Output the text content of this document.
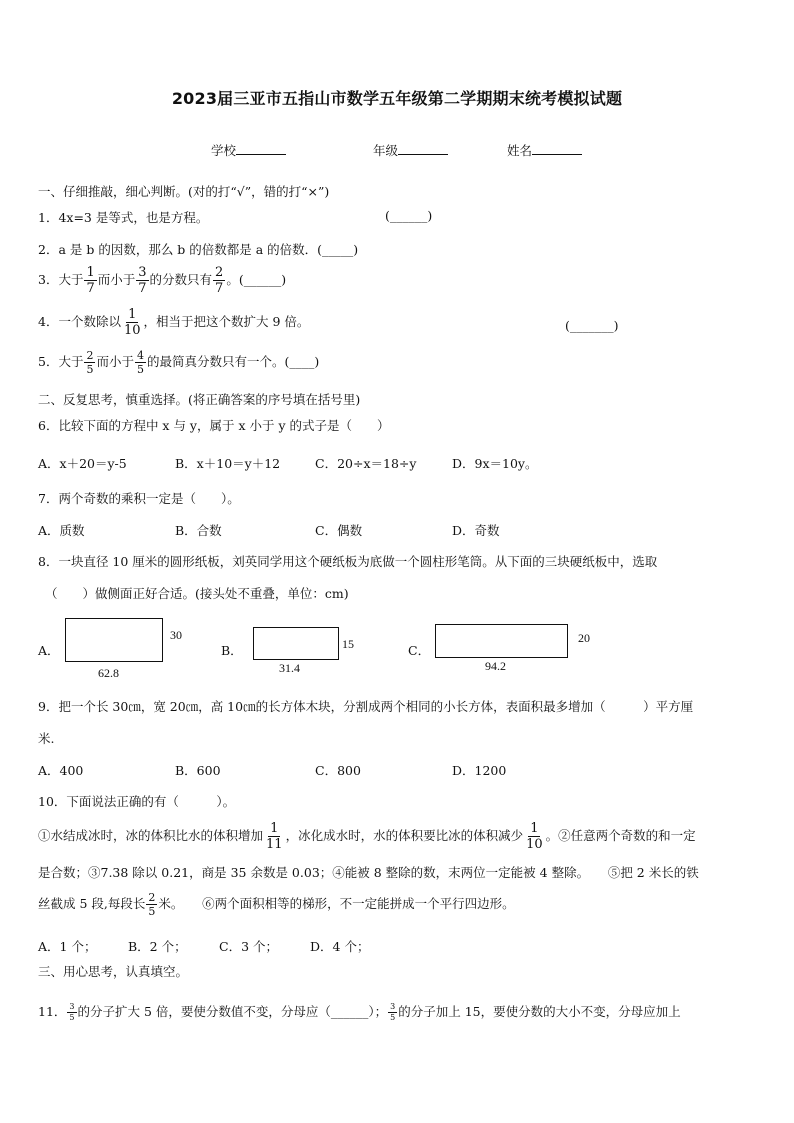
2023届三亚市五指山市数学五年级第二学期期末统考模拟试题
学校	年级	姓名
一、仔细推敲，细心判断。(对的打“√”，错的打“×”)
1．4x=3 是等式，也是方程。	(______)
2．a 是 b 的因数，那么 b 的倍数都是 a 的倍数．(_____)
3．大于 $\frac{1}{7}$ 而小于 $\frac{3}{7}$ 的分数只有 $\frac{2}{7}$ 。(______)
4．一个数除以 $\frac{1}{10}$ ，相当于把这个数扩大 9 倍。	(_______)
5．大于 $\frac{2}{5}$ 而小于 $\frac{4}{5}$ 的最简真分数只有一个。(____)
二、反复思考，慎重选择。(将正确答案的序号填在括号里)
6．比较下面的方程中 x 与 y，属于 x 小于 y 的式子是（　　）
A．x＋20＝y-5	B．x＋10＝y＋12	C．20÷x＝18÷y	D．9x＝10y。
7．两个奇数的乘积一定是（　　）。
A．质数	B．合数	C．偶数	D．奇数
8．一块直径 10 厘米的圆形纸板，刘英同学用这个硬纸板为底做一个圆柱形笔筒。从下面的三块硬纸板中，选取
（　　）做侧面正好合适。(接头处不重叠，单位：cm)
A．
30
62.8
B．	15
31.4
C．
20
94.2
9．把一个长 30㎝，宽 20㎝，高 10㎝的长方体木块，分割成两个相同的小长方体，表面积最多增加（　　　）平方厘
米.
A．400	B．600	C．800	D．1200
10．下面说法正确的有（　　　）。
①水结成冰时，冰的体积比水的体积增加 $\frac{1}{11}$ ，冰化成水时，水的体积要比冰的体积减少 $\frac{1}{10}$ 。②任意两个奇数的和一定
是合数；③7.38 除以 0.21，商是 35 余数是 0.03；④能被 8 整除的数，末两位一定能被 4 整除。　　⑤把 2 米长的铁
丝截成 5 段,每段长 $\frac{2}{5}$ 米。　　⑥两个面积相等的梯形，不一定能拼成一个平行四边形。
A．1 个；	B．2 个；	C．3 个；	D．4 个；
三、用心思考，认真填空。
11． $\frac{3}{5}$ 的分子扩大 5 倍，要使分数值不变，分母应（______）； $\frac{3}{5}$ 的分子加上 15，要使分数的大小不变，分母应加上
